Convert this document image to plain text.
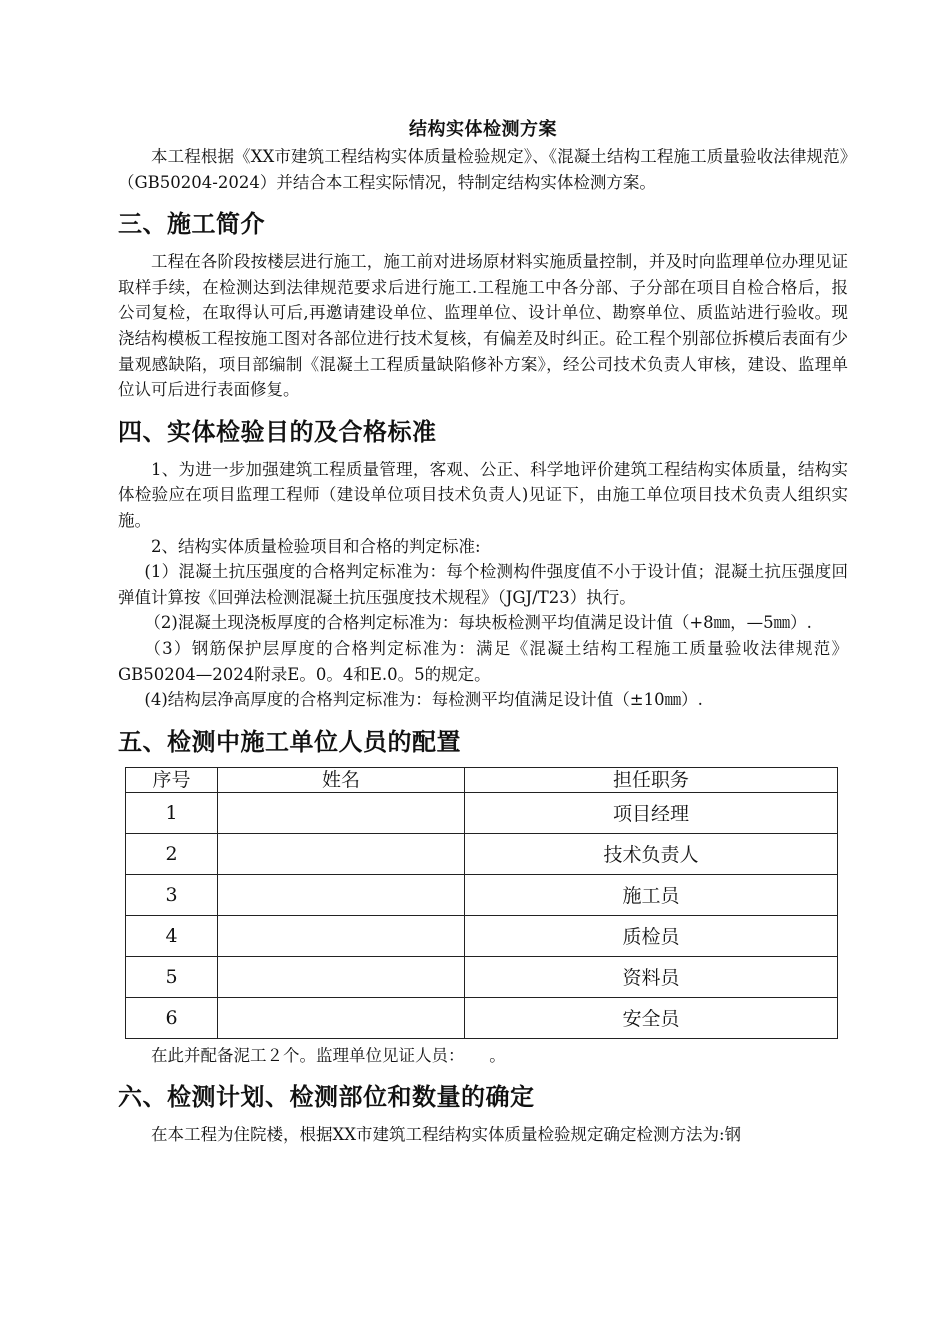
结构实体检测方案

本工程根据《XX市建筑工程结构实体质量检验规定》、《混凝土结构工程施工质量验收法律规范》（GB50204-2024）并结合本工程实际情况，特制定结构实体检测方案。

三、施工简介

工程在各阶段按楼层进行施工，施工前对进场原材料实施质量控制，并及时向监理单位办理见证取样手续，在检测达到法律规范要求后进行施工.工程施工中各分部、子分部在项目自检合格后，报公司复检，在取得认可后,再邀请建设单位、监理单位、设计单位、勘察单位、质监站进行验收。现浇结构模板工程按施工图对各部位进行技术复核，有偏差及时纠正。砼工程个别部位拆模后表面有少量观感缺陷，项目部编制《混凝土工程质量缺陷修补方案》，经公司技术负责人审核，建设、监理单位认可后进行表面修复。

四、实体检验目的及合格标准

1、为进一步加强建筑工程质量管理，客观、公正、科学地评价建筑工程结构实体质量，结构实体检验应在项目监理工程师（建设单位项目技术负责人)见证下，由施工单位项目技术负责人组织实施。

2、结构实体质量检验项目和合格的判定标准:

(1）混凝土抗压强度的合格判定标准为：每个检测构件强度值不小于设计值；混凝土抗压强度回弹值计算按《回弹法检测混凝土抗压强度技术规程》（JGJ/T23）执行。

（2)混凝土现浇板厚度的合格判定标准为：每块板检测平均值满足设计值（+8㎜，—5㎜）.

（3）钢筋保护层厚度的合格判定标准为：满足《混凝土结构工程施工质量验收法律规范》GB50204—2024附录E。0。4和E.0。5的规定。

(4)结构层净高厚度的合格判定标准为：每检测平均值满足设计值（±10㎜）.

五、检测中施工单位人员的配置
序号	姓名	担任职务
1		项目经理
2		技术负责人
3		施工员
4		质检员
5		资料员
6		安全员

在此并配备泥工２个。监理单位见证人员：　　。

六、检测计划、检测部位和数量的确定

在本工程为住院楼，根据XX市建筑工程结构实体质量检验规定确定检测方法为:钢
